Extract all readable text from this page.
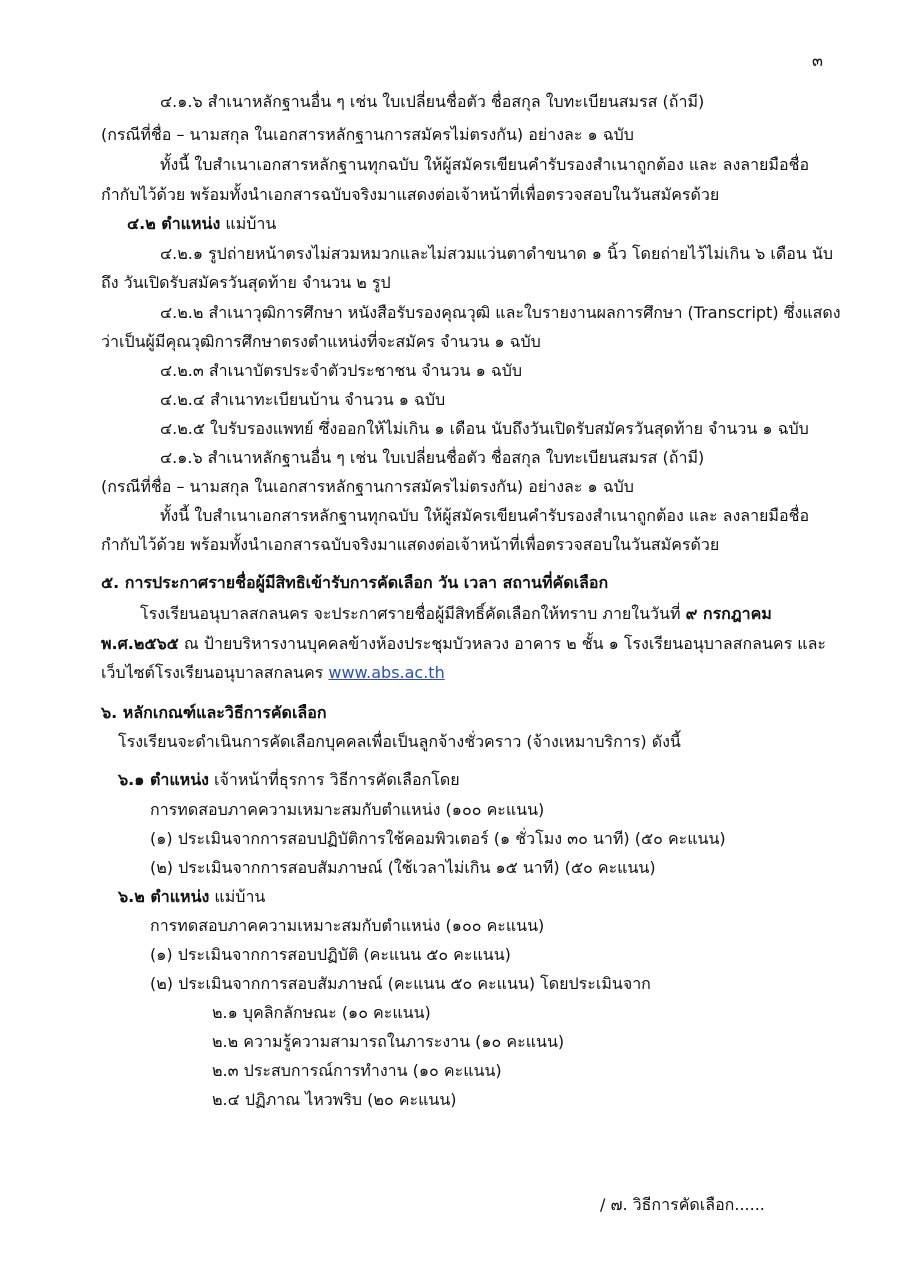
๓
๔.๑.๖ สำเนาหลักฐานอื่น ๆ เช่น ใบเปลี่ยนชื่อตัว ชื่อสกุล ใบทะเบียนสมรส (ถ้ามี)
(กรณีที่ชื่อ – นามสกุล ในเอกสารหลักฐานการสมัครไม่ตรงกัน) อย่างละ ๑ ฉบับ
ทั้งนี้ ใบสำเนาเอกสารหลักฐานทุกฉบับ ให้ผู้สมัครเขียนคำรับรองสำเนาถูกต้อง และ ลงลายมือชื่อ
กำกับไว้ด้วย พร้อมทั้งนำเอกสารฉบับจริงมาแสดงต่อเจ้าหน้าที่เพื่อตรวจสอบในวันสมัครด้วย
๔.๒ ตำแหน่ง แม่บ้าน
๔.๒.๑ รูปถ่ายหน้าตรงไม่สวมหมวกและไม่สวมแว่นตาดำขนาด ๑ นิ้ว โดยถ่ายไว้ไม่เกิน ๖ เดือน นับ
ถึง วันเปิดรับสมัครวันสุดท้าย จำนวน ๒ รูป
๔.๒.๒ สำเนาวุฒิการศึกษา หนังสือรับรองคุณวุฒิ และใบรายงานผลการศึกษา (Transcript) ซึ่งแสดง
ว่าเป็นผู้มีคุณวุฒิการศึกษาตรงตำแหน่งที่จะสมัคร จำนวน ๑ ฉบับ
๔.๒.๓ สำเนาบัตรประจำตัวประชาชน จำนวน ๑ ฉบับ
๔.๒.๔ สำเนาทะเบียนบ้าน จำนวน ๑ ฉบับ
๔.๒.๕ ใบรับรองแพทย์ ซึ่งออกให้ไม่เกิน ๑ เดือน นับถึงวันเปิดรับสมัครวันสุดท้าย จำนวน ๑ ฉบับ
๔.๑.๖ สำเนาหลักฐานอื่น ๆ เช่น ใบเปลี่ยนชื่อตัว ชื่อสกุล ใบทะเบียนสมรส (ถ้ามี)
(กรณีที่ชื่อ – นามสกุล ในเอกสารหลักฐานการสมัครไม่ตรงกัน) อย่างละ ๑ ฉบับ
ทั้งนี้ ใบสำเนาเอกสารหลักฐานทุกฉบับ ให้ผู้สมัครเขียนคำรับรองสำเนาถูกต้อง และ ลงลายมือชื่อ
กำกับไว้ด้วย พร้อมทั้งนำเอกสารฉบับจริงมาแสดงต่อเจ้าหน้าที่เพื่อตรวจสอบในวันสมัครด้วย
๕. การประกาศรายชื่อผู้มีสิทธิเข้ารับการคัดเลือก วัน เวลา สถานที่คัดเลือก
โรงเรียนอนุบาลสกลนคร จะประกาศรายชื่อผู้มีสิทธิ์คัดเลือกให้ทราบ ภายในวันที่ ๙ กรกฎาคม
พ.ศ.๒๕๖๕ ณ ป้ายบริหารงานบุคคลข้างห้องประชุมบัวหลวง อาคาร ๒ ชั้น ๑ โรงเรียนอนุบาลสกลนคร และ
เว็บไซต์โรงเรียนอนุบาลสกลนคร www.abs.ac.th
๖. หลักเกณฑ์และวิธีการคัดเลือก
โรงเรียนจะดำเนินการคัดเลือกบุคคลเพื่อเป็นลูกจ้างชั่วคราว (จ้างเหมาบริการ) ดังนี้
๖.๑ ตำแหน่ง เจ้าหน้าที่ธุรการ วิธีการคัดเลือกโดย
การทดสอบภาคความเหมาะสมกับตำแหน่ง (๑๐๐ คะแนน)
(๑) ประเมินจากการสอบปฏิบัติการใช้คอมพิวเตอร์ (๑ ชั่วโมง ๓๐ นาที) (๕๐ คะแนน)
(๒) ประเมินจากการสอบสัมภาษณ์ (ใช้เวลาไม่เกิน ๑๕ นาที) (๕๐ คะแนน)
๖.๒ ตำแหน่ง แม่บ้าน
การทดสอบภาคความเหมาะสมกับตำแหน่ง (๑๐๐ คะแนน)
(๑) ประเมินจากการสอบปฏิบัติ (คะแนน ๕๐ คะแนน)
(๒) ประเมินจากการสอบสัมภาษณ์ (คะแนน ๕๐ คะแนน) โดยประเมินจาก
๒.๑ บุคลิกลักษณะ (๑๐ คะแนน)
๒.๒ ความรู้ความสามารถในภาระงาน (๑๐ คะแนน)
๒.๓ ประสบการณ์การทำงาน (๑๐ คะแนน)
๒.๔ ปฏิภาณ ไหวพริบ (๒๐ คะแนน)
/ ๗. วิธีการคัดเลือก......
